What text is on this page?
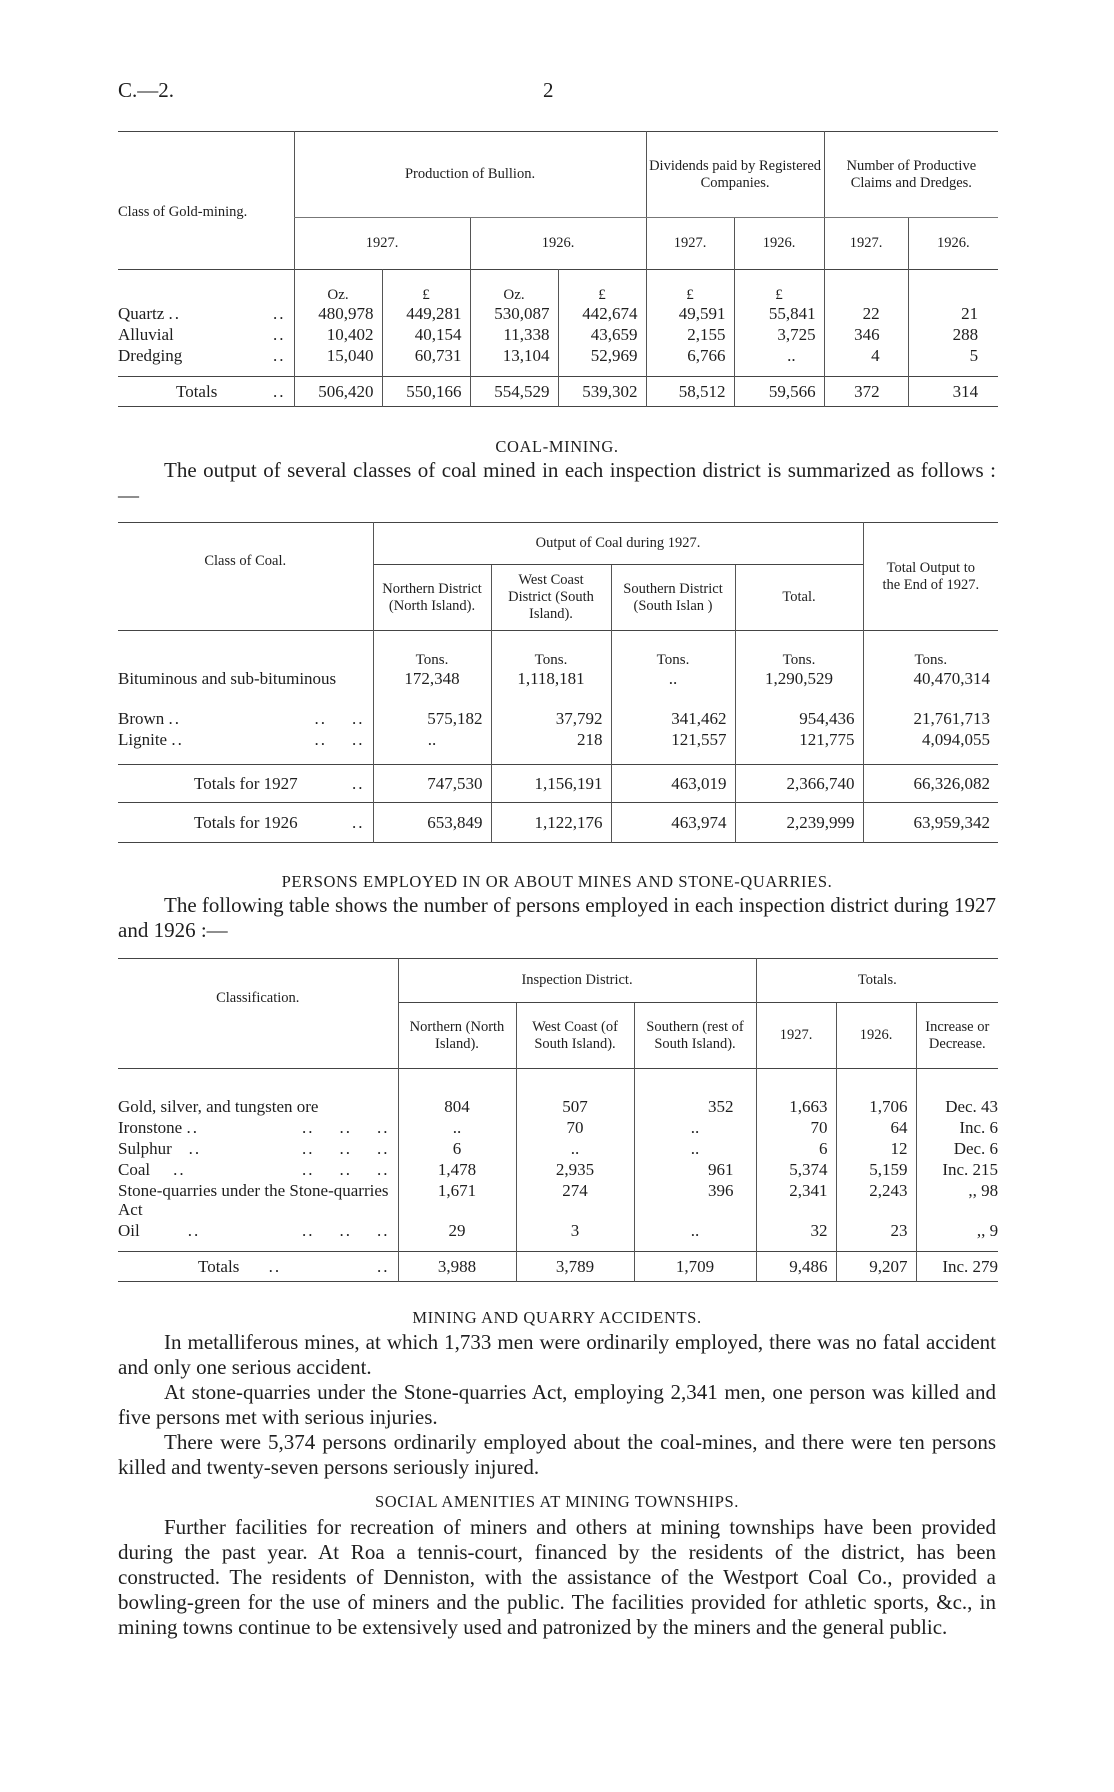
C.—2.	2
Class of Gold-mining.	Production of Bullion.				Dividends paid by Registered Companies.		Number of Productive Claims and Dredges.	
	1927.		1926.		1927.	1926.	1927.	1926.
	Oz.	£	Oz.	£	£	£		
Quartz .. ..	480,978	449,281	530,087	442,674	49,591	55,841	22	21
Alluvial ..	10,402	40,154	11,338	43,659	2,155	3,725	346	288
Dredging ..	15,040	60,731	13,104	52,969	6,766	..	4	5

Totals ..	506,420	550,166	554,529	539,302	58,512	59,566	372	314
COAL-MINING.
The output of several classes of coal mined in each inspection district is summarized as follows :—
Class of Coal.	Output of Coal during 1927.				Total Output to the End of 1927.
	Northern District (North Island).	West Coast District (South Island).	Southern District (South Islan )	Total.	
	Tons.	Tons.	Tons.	Tons.	Tons.
Bituminous and sub-bituminous	172,348	1,118,181	..	1,290,529	40,470,314
Brown .. ..    ..	575,182	37,792	341,462	954,436	21,761,713
Lignite .. ..    ..	..	218	121,557	121,775	4,094,055

Totals for 1927 ..	747,530	1,156,191	463,019	2,366,740	66,326,082
Totals for 1926 ..	653,849	1,122,176	463,974	2,239,999	63,959,342
PERSONS EMPLOYED IN OR ABOUT MINES AND STONE-QUARRIES.
The following table shows the number of persons employed in each inspection district during 1927 and 1926 :—
Classification.	Inspection District.			Totals.		
	Northern (North Island).	West Coast (of South Island).	Southern (rest of South Island).	1927.	1926.	Increase or Decrease.

Gold, silver, and tungsten ore	804	507	352	1,663	1,706	Dec. 43
Ironstone .. ..    ..    ..	..	70	..	70	64	Inc. 6
Sulphur   .. ..    ..    ..	6	..	..	6	12	Dec. 6
Coal    .. ..    ..    ..	1,478	2,935	961	5,374	5,159	Inc. 215
Stone-quarries under the Stone-quarries Act	1,671	274	396	2,341	2,243	,, 98
Oil        .. ..    ..    ..	29	3	..	32	23	,, 9

Totals     .. ..	3,988	3,789	1,709	9,486	9,207	Inc. 279
MINING AND QUARRY ACCIDENTS.
In metalliferous mines, at which 1,733 men were ordinarily employed, there was no fatal accident and only one serious accident.
At stone-quarries under the Stone-quarries Act, employing 2,341 men, one person was killed and five persons met with serious injuries.
There were 5,374 persons ordinarily employed about the coal-mines, and there were ten persons killed and twenty-seven persons seriously injured.
SOCIAL AMENITIES AT MINING TOWNSHIPS.
Further facilities for recreation of miners and others at mining townships have been provided during the past year. At Roa a tennis-court, financed by the residents of the district, has been constructed. The residents of Denniston, with the assistance of the Westport Coal Co., provided a bowling-green for the use of miners and the public. The facilities provided for athletic sports, &c., in mining towns continue to be extensively used and patronized by the miners and the general public.
